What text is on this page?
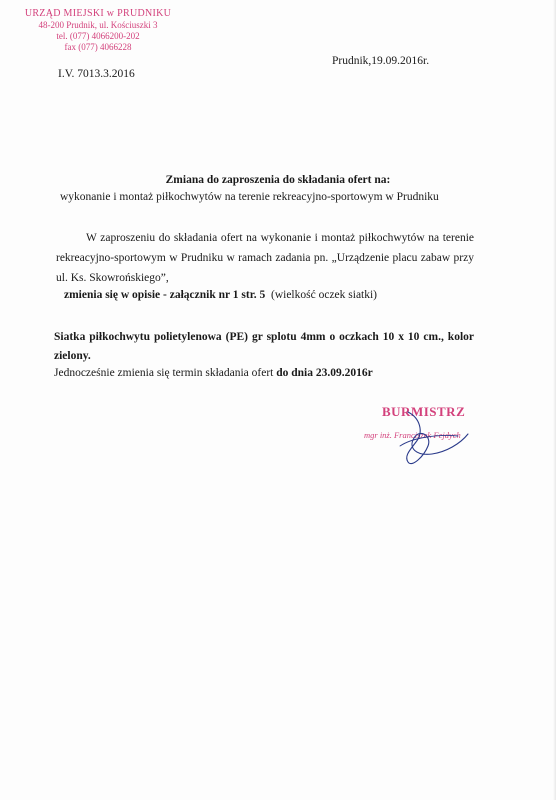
URZĄD MIEJSKI w PRUDNIKU
48-200 Prudnik, ul. Kościuszki 3
tel. (077) 4066200-202
fax (077) 4066228
I.V. 7013.3.2016
Prudnik,19.09.2016r.
Zmiana do zaproszenia do składania ofert na:
wykonanie i montaż piłkochwytów na terenie rekreacyjno-sportowym w Prudniku
W zaproszeniu do składania ofert na wykonanie i montaż piłkochwytów na terenie rekreacyjno-sportowym w Prudniku w ramach zadania pn. „Urządzenie placu zabaw przy ul. Ks. Skowrońskiego”,
zmienia się w opisie - załącznik nr 1 str. 5 (wielkość oczek siatki)
Siatka piłkochwytu polietylenowa (PE) gr splotu 4mm o oczkach 10 x 10 cm., kolor zielony.
Jednocześnie zmienia się termin składania ofert do dnia 23.09.2016r
BURMISTRZ
mgr inż. Franciszek Fejdych
